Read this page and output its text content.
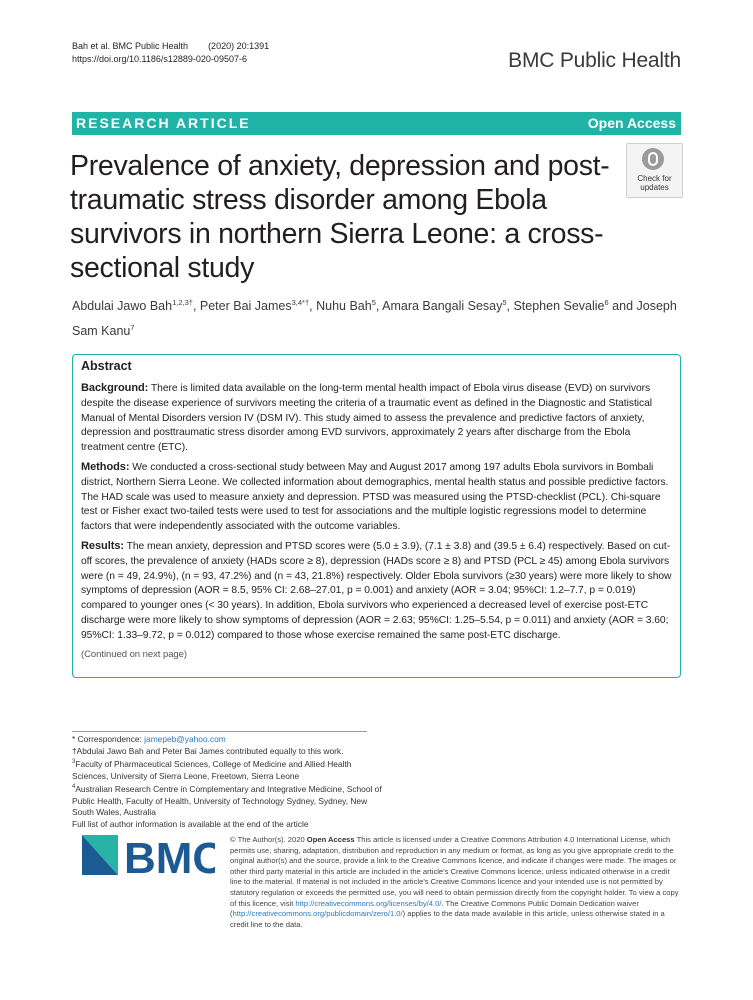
Bah et al. BMC Public Health (2020) 20:1391
https://doi.org/10.1186/s12889-020-09507-6	BMC Public Health
RESEARCH ARTICLE	Open Access
Prevalence of anxiety, depression and post-traumatic stress disorder among Ebola survivors in northern Sierra Leone: a cross-sectional study
Check for
updates
Abdulai Jawo Bah$^{1,2,3\dagger}$, Peter Bai James$^{3,4*\dagger}$, Nuhu Bah$^5$, Amara Bangali Sesay$^5$, Stephen Sevalie$^6$ and Joseph Sam Kanu$^7$
Abstract

Background: There is limited data available on the long-term mental health impact of Ebola virus disease (EVD) on survivors despite the disease experience of survivors meeting the criteria of a traumatic event as defined in the Diagnostic and Statistical Manual of Mental Disorders version IV (DSM IV). This study aimed to assess the prevalence and predictive factors of anxiety, depression and posttraumatic stress disorder among EVD survivors, approximately 2 years after discharge from the Ebola treatment centre (ETC).

Methods: We conducted a cross-sectional study between May and August 2017 among 197 adults Ebola survivors in Bombali district, Northern Sierra Leone. We collected information about demographics, mental health status and possible predictive factors. The HAD scale was used to measure anxiety and depression. PTSD was measured using the PTSD-checklist (PCL). Chi-square test or Fisher exact two-tailed tests were used to test for associations and the multiple logistic regressions model to determine factors that were independently associated with the outcome variables.

Results: The mean anxiety, depression and PTSD scores were (5.0 ± 3.9), (7.1 ± 3.8) and (39.5 ± 6.4) respectively. Based on cut-off scores, the prevalence of anxiety (HADs score ≥ 8), depression (HADs score ≥ 8) and PTSD (PCL ≥ 45) among Ebola survivors were (n = 49, 24.9%), (n = 93, 47.2%) and (n = 43, 21.8%) respectively. Older Ebola survivors (≥30 years) were more likely to show symptoms of depression (AOR = 8.5, 95% CI: 2.68–27.01, p = 0.001) and anxiety (AOR = 3.04; 95%CI: 1.2–7.7, p = 0.019) compared to younger ones (< 30 years). In addition, Ebola survivors who experienced a decreased level of exercise post-ETC discharge were more likely to show symptoms of depression (AOR = 2.63; 95%CI: 1.25–5.54, p = 0.011) and anxiety (AOR = 3.60; 95%CI: 1.33–9.72, p = 0.012) compared to those whose exercise remained the same post-ETC discharge.

(Continued on next page)
* Correspondence: jamepeb@yahoo.com
†Abdulai Jawo Bah and Peter Bai James contributed equally to this work.
$^3$Faculty of Pharmaceutical Sciences, College of Medicine and Allied Health Sciences, University of Sierra Leone, Freetown, Sierra Leone
$^4$Australian Research Centre in Complementary and Integrative Medicine, School of Public Health, Faculty of Health, University of Technology Sydney, Sydney, New South Wales, Australia
Full list of author information is available at the end of the article
BMC © The Author(s). 2020 Open Access This article is licensed under a Creative Commons Attribution 4.0 International License, which permits use, sharing, adaptation, distribution and reproduction in any medium or format, as long as you give appropriate credit to the original author(s) and the source, provide a link to the Creative Commons licence, and indicate if changes were made. The images or other third party material in this article are included in the article's Creative Commons licence, unless indicated otherwise in a credit line to the material. If material is not included in the article's Creative Commons licence and your intended use is not permitted by statutory regulation or exceeds the permitted use, you will need to obtain permission directly from the copyright holder. To view a copy of this licence, visit http://creativecommons.org/licenses/by/4.0/. The Creative Commons Public Domain Dedication waiver (http://creativecommons.org/publicdomain/zero/1.0/) applies to the data made available in this article, unless otherwise stated in a credit line to the data.
